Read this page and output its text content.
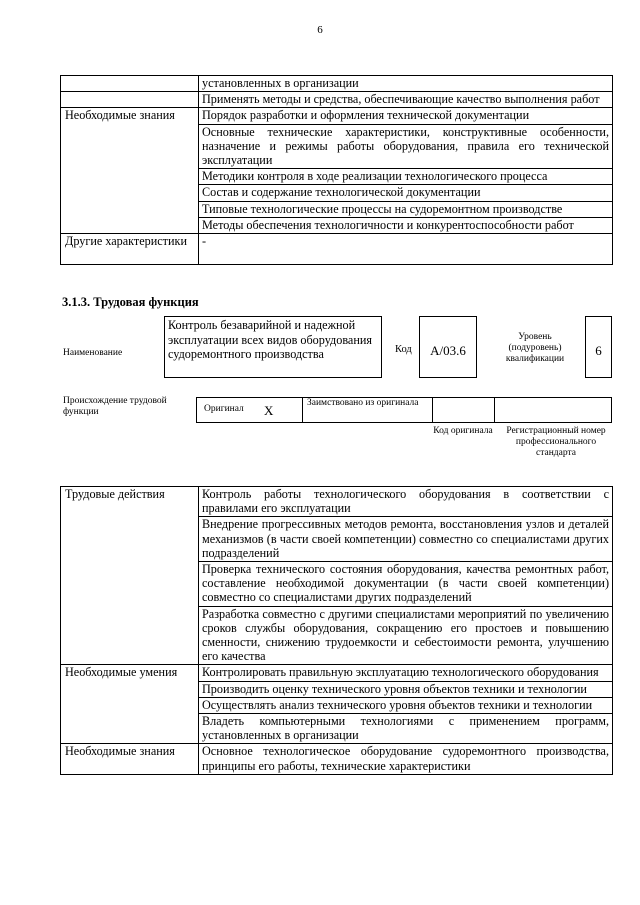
6
	установленных в организации
	Применять методы и средства, обеспечивающие качество выполнения работ
Необходимые знания	Порядок разработки и оформления технической документации
	Основные технические характеристики, конструктивные особенности, назначение и режимы работы оборудования, правила его технической эксплуатации
	Методики контроля в ходе реализации технологического процесса
	Состав и содержание технологической документации
	Типовые технологические процессы на судоремонтном производстве
	Методы обеспечения технологичности и конкурентоспособности работ
Другие характеристики	-
3.1.3. Трудовая функция
Наименование
Контроль безаварийной и надежной эксплуатации всех видов оборудования судоремонтного производства	Код	A/03.6
Уровень (подуровень) квалификации
6
Происхождение трудовой функции	Оригинал X	Заимствовано из оригинала
Код оригинала	Регистрационный номер профессионального стандарта
Трудовые действия	Контроль работы технологического оборудования в соответствии с правилами его эксплуатации
	Внедрение прогрессивных методов ремонта, восстановления узлов и деталей механизмов (в части своей компетенции) совместно со специалистами других подразделений
	Проверка технического состояния оборудования, качества ремонтных работ, составление необходимой документации (в части своей компетенции) совместно со специалистами других подразделений
	Разработка совместно с другими специалистами мероприятий по увеличению сроков службы оборудования, сокращению его простоев и повышению сменности, снижению трудоемкости и себестоимости ремонта, улучшению его качества
Необходимые умения	Контролировать правильную эксплуатацию технологического оборудования
	Производить оценку технического уровня объектов техники и технологии
	Осуществлять анализ технического уровня объектов техники и технологии
	Владеть компьютерными технологиями с применением программ, установленных в организации
Необходимые знания	Основное технологическое оборудование судоремонтного производства, принципы его работы, технические характеристики
